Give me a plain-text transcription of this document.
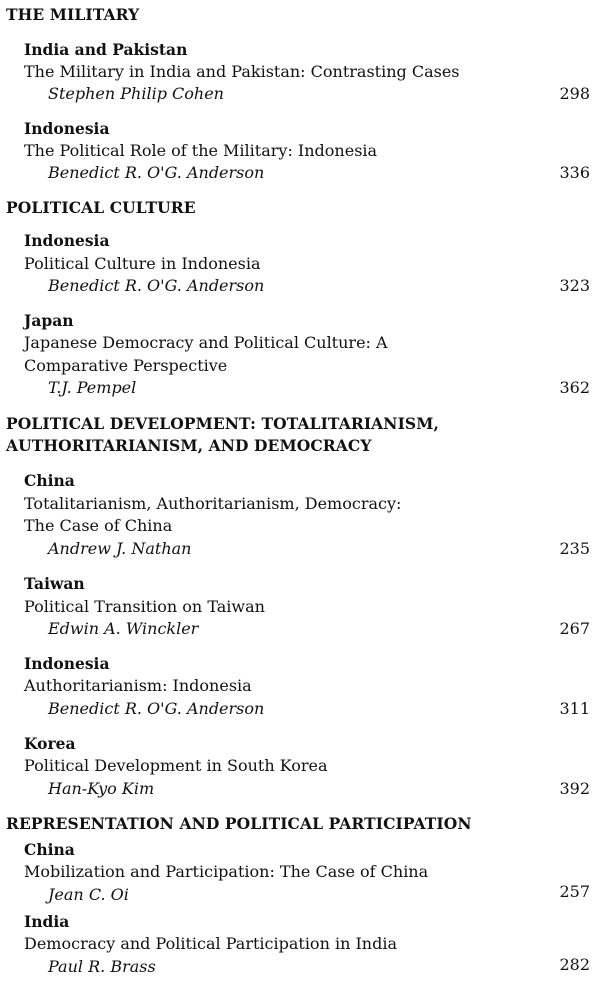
THE MILITARY
India and Pakistan
The Military in India and Pakistan: Contrasting Cases
Stephen Philip Cohen	298
Indonesia
The Political Role of the Military: Indonesia
Benedict R. O'G. Anderson	336
POLITICAL CULTURE
Indonesia
Political Culture in Indonesia
Benedict R. O'G. Anderson	323
Japan
Japanese Democracy and Political Culture: A
Comparative Perspective
T.J. Pempel	362
POLITICAL DEVELOPMENT: TOTALITARIANISM,
AUTHORITARIANISM, AND DEMOCRACY
China
Totalitarianism, Authoritarianism, Democracy:
The Case of China
Andrew J. Nathan	235
Taiwan
Political Transition on Taiwan
Edwin A. Winckler	267
Indonesia
Authoritarianism: Indonesia
Benedict R. O'G. Anderson	311
Korea
Political Development in South Korea
Han-Kyo Kim	392
REPRESENTATION AND POLITICAL PARTICIPATION
China
Mobilization and Participation: The Case of China
Jean C. Oi	257
India
Democracy and Political Participation in India
Paul R. Brass	282
